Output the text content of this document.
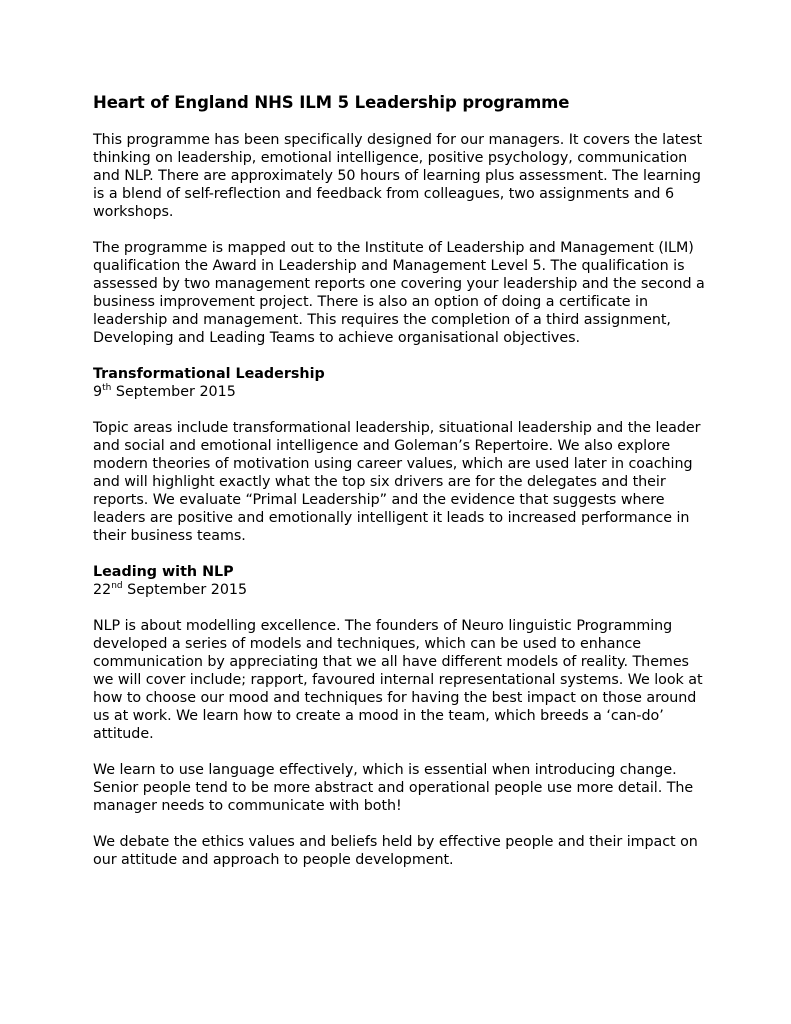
Heart of England NHS ILM 5 Leadership programme
This programme has been specifically designed for our managers. It covers the latest
thinking on leadership, emotional intelligence, positive psychology, communication
and NLP. There are approximately 50 hours of learning plus assessment. The learning
is a blend of self-reflection and feedback from colleagues, two assignments and 6
workshops.
The programme is mapped out to the Institute of Leadership and Management (ILM)
qualification the Award in Leadership and Management Level 5. The qualification is
assessed by two management reports one covering your leadership and the second a
business improvement project. There is also an option of doing a certificate in
leadership and management. This requires the completion of a third assignment,
Developing and Leading Teams to achieve organisational objectives.
Transformational Leadership
9th September 2015
Topic areas include transformational leadership, situational leadership and the leader
and social and emotional intelligence and Goleman’s Repertoire. We also explore
modern theories of motivation using career values, which are used later in coaching
and will highlight exactly what the top six drivers are for the delegates and their
reports. We evaluate “Primal Leadership” and the evidence that suggests where
leaders are positive and emotionally intelligent it leads to increased performance in
their business teams.
Leading with NLP
22nd September 2015
NLP is about modelling excellence. The founders of Neuro linguistic Programming
developed a series of models and techniques, which can be used to enhance
communication by appreciating that we all have different models of reality. Themes
we will cover include; rapport, favoured internal representational systems. We look at
how to choose our mood and techniques for having the best impact on those around
us at work. We learn how to create a mood in the team, which breeds a ‘can-do’
attitude.
We learn to use language effectively, which is essential when introducing change.
Senior people tend to be more abstract and operational people use more detail. The
manager needs to communicate with both!
We debate the ethics values and beliefs held by effective people and their impact on
our attitude and approach to people development.
